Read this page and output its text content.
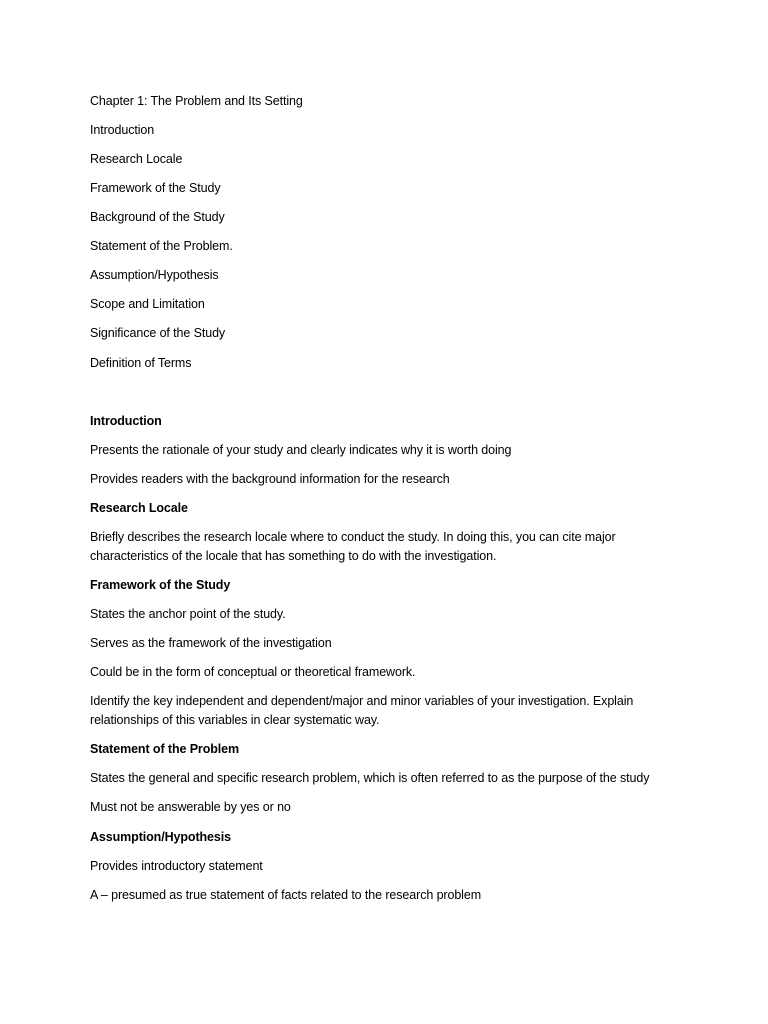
Chapter 1: The Problem and Its Setting
Introduction
Research Locale
Framework of the Study
Background of the Study
Statement of the Problem.
Assumption/Hypothesis
Scope and Limitation
Significance of the Study
Definition of Terms
Introduction
Presents the rationale of your study and clearly indicates why it is worth doing
Provides readers with the background information for the research
Research Locale
Briefly describes the research locale where to conduct the study. In doing this, you can cite major
characteristics of the locale that has something to do with the investigation.
Framework of the Study
States the anchor point of the study.
Serves as the framework of the investigation
Could be in the form of conceptual or theoretical framework.
Identify the key independent and dependent/major and minor variables of your investigation. Explain
relationships of this variables in clear systematic way.
Statement of the Problem
States the general and specific research problem, which is often referred to as the purpose of the study
Must not be answerable by yes or no
Assumption/Hypothesis
Provides introductory statement
A – presumed as true statement of facts related to the research problem
